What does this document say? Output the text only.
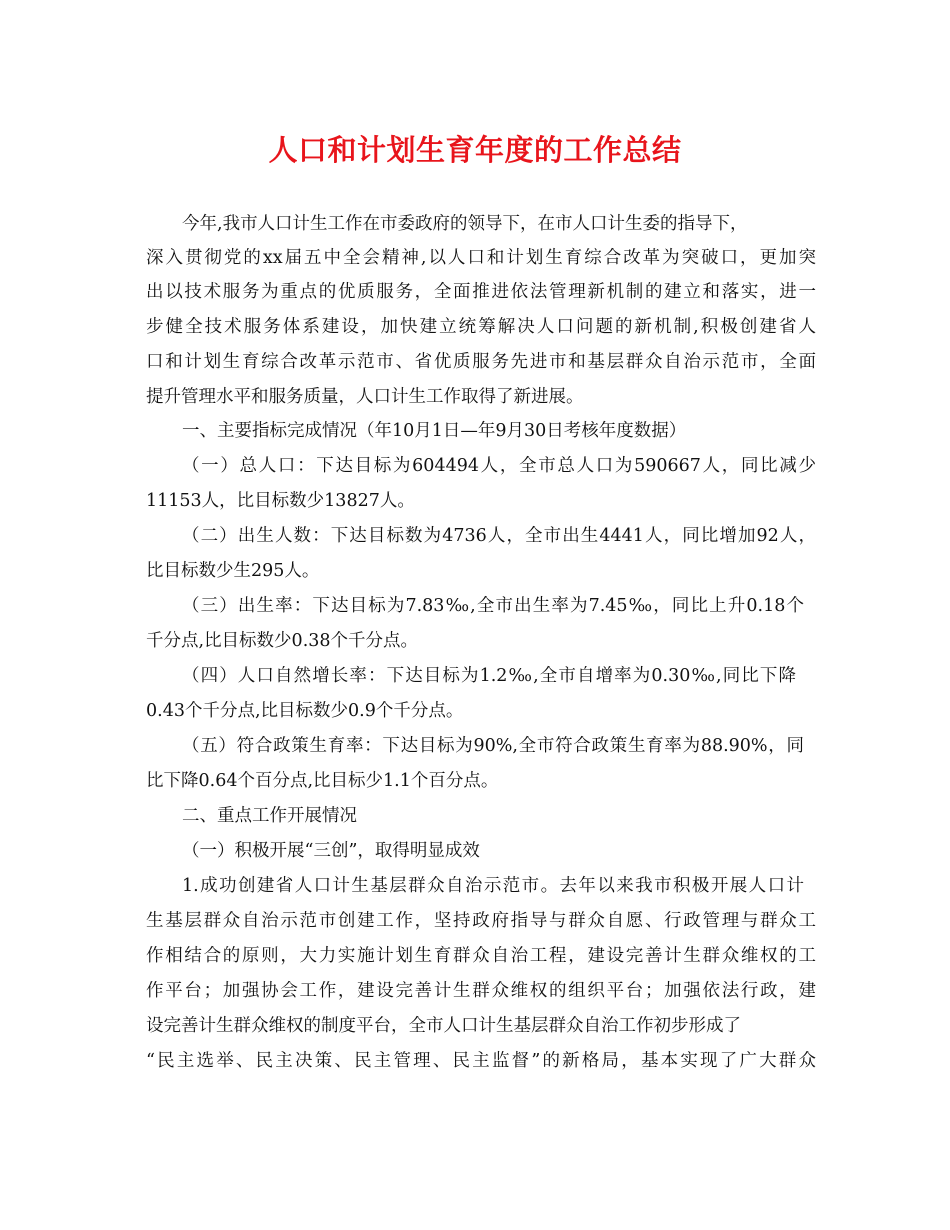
人口和计划生育年度的工作总结
今年,我市人口计生工作在市委政府的领导下，在市人口计生委的指导下，
深入贯彻党的xx届五中全会精神,以人口和计划生育综合改革为突破口，更加突
出以技术服务为重点的优质服务，全面推进依法管理新机制的建立和落实，进一
步健全技术服务体系建设，加快建立统筹解决人口问题的新机制,积极创建省人
口和计划生育综合改革示范市、省优质服务先进市和基层群众自治示范市，全面
提升管理水平和服务质量，人口计生工作取得了新进展。
一、主要指标完成情况（年10月1日—年9月30日考核年度数据）
（一）总人口：下达目标为604494人，全市总人口为590667人，同比减少
11153人，比目标数少13827人。
（二）出生人数：下达目标数为4736人，全市出生4441人，同比增加92人，
比目标数少生295人。
（三）出生率：下达目标为7.83‰,全市出生率为7.45‰，同比上升0.18个
千分点,比目标数少0.38个千分点。
（四）人口自然增长率：下达目标为1.2‰,全市自增率为0.30‰,同比下降
0.43个千分点,比目标数少0.9个千分点。
（五）符合政策生育率：下达目标为90%,全市符合政策生育率为88.90%，同
比下降0.64个百分点,比目标少1.1个百分点。
二、重点工作开展情况
（一）积极开展“三创”，取得明显成效
1.成功创建省人口计生基层群众自治示范市。去年以来我市积极开展人口计
生基层群众自治示范市创建工作，坚持政府指导与群众自愿、行政管理与群众工
作相结合的原则，大力实施计划生育群众自治工程，建设完善计生群众维权的工
作平台；加强协会工作，建设完善计生群众维权的组织平台；加强依法行政，建
设完善计生群众维权的制度平台，全市人口计生基层群众自治工作初步形成了
“民主选举、民主决策、民主管理、民主监督”的新格局，基本实现了广大群众
